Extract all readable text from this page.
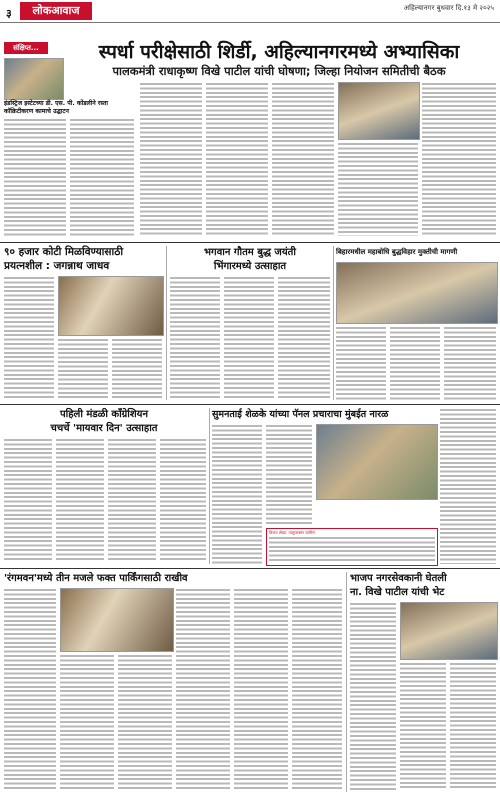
३	लोकआवाज	अहिल्यानगर बुधवार दि.१३ मे २०२५
संक्षिप्त...	स्पर्धा परीक्षेसाठी शिर्डी, अहिल्यानगरमध्ये अभ्यासिका
पालकमंत्री राधाकृष्ण विखे पाटील यांची घोषणा; जिल्हा नियोजन समितीची बैठक
इंडस्ट्रिज इस्टेटच्या डी. एस. पी. कोंडलीने रस्ता कॉक्रिटीकरण कामाचे उद्घाटन
९० हजार कोटी मिळविण्यासाठी
प्रयत्नशील : जगन्नाथ जाधव
भगवान गौतम बुद्ध जयंती
भिंगारमध्ये उत्साहात
बिहारमधील महाबोधि बुद्धविहार मुक्तीची मागणी
पहिली मंडळी काँग्रेशियन
चचर्चे 'मायवार दिन' उत्साहात
सुमनताई शेळके यांच्या पॅनल प्रचाराचा मुंबईत नारळ
विजय लेखा: तालुकास्तर ग्रामीण
'रंगमवन'मध्ये तीन मजले फक्त पार्किंगसाठी राखीव	भाजप नगरसेवकानी घेतली
ना. विखे पाटील यांची भेट
